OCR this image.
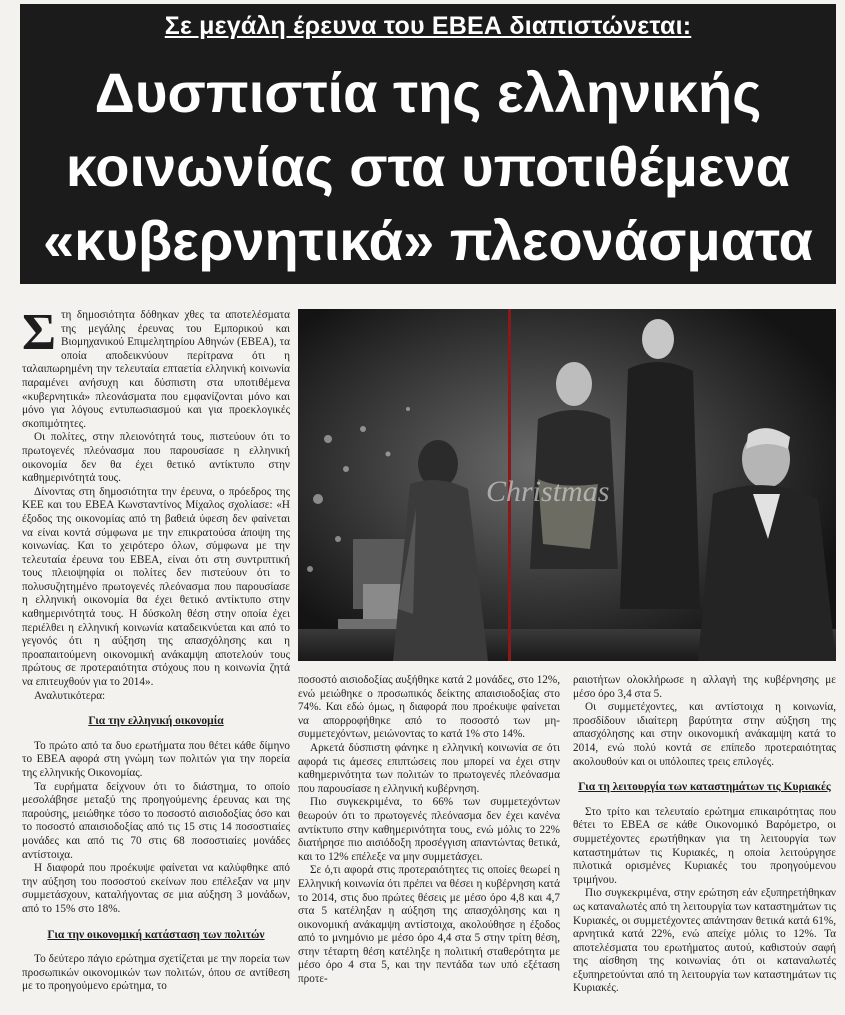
Σε μεγάλη έρευνα του ΕΒΕΑ διαπιστώνεται:
Δυσπιστία της ελληνικής
κοινωνίας στα υποτιθέμενα
«κυβερνητικά» πλεονάσματα
Christmas

Στη δημοσιότητα δόθηκαν χθες τα αποτελέσματα της μεγάλης έρευνας του Εμπορικού και Βιομηχανικού Επιμελητηρίου Αθηνών (ΕΒΕΑ), τα οποία αποδεικνύουν περίτρανα ότι η ταλαιπωρημένη την τελευταία επταετία ελληνική κοινωνία παραμένει ανήσυχη και δύσπιστη στα υποτιθέμενα «κυβερνητικά» πλεονάσματα που εμφανίζονται μόνο και μόνο για λόγους εντυπωσιασμού και για προεκλογικές σκοπιμότητες.

Οι πολίτες, στην πλειονότητά τους, πιστεύουν ότι το πρωτογενές πλεόνασμα που παρουσίασε η ελληνική οικονομία δεν θα έχει θετικό αντίκτυπο στην καθημερινότητά τους.

Δίνοντας στη δημοσιότητα την έρευνα, ο πρόεδρος της ΚΕΕ και του ΕΒΕΑ Κωνσταντίνος Μίχαλος σχολίασε: «Η έξοδος της οικονομίας από τη βαθειά ύφεση δεν φαίνεται να είναι κοντά σύμφωνα με την επικρατούσα άποψη της κοινωνίας. Και το χειρότερο όλων, σύμφωνα με την τελευταία έρευνα του ΕΒΕΑ, είναι ότι στη συντριπτική τους πλειοψηφία οι πολίτες δεν πιστεύουν ότι το πολυσυζητημένο πρωτογενές πλεόνασμα που παρουσίασε η ελληνική οικονομία θα έχει θετικό αντίκτυπο στην καθημερινότητά τους. Η δύσκολη θέση στην οποία έχει περιέλθει η ελληνική κοινωνία καταδεικνύεται και από το γεγονός ότι η αύξηση της απασχόλησης και η προαπαιτούμενη οικονομική ανάκαμψη αποτελούν τους πρώτους σε προτεραιότητα στόχους που η κοινωνία ζητά να επιτευχθούν για το 2014».

Αναλυτικότερα:

Για την ελληνική οικονομία

Το πρώτο από τα δυο ερωτήματα που θέτει κάθε δίμηνο το ΕΒΕΑ αφορά στη γνώμη των πολιτών για την πορεία της ελληνικής Οικονομίας.

Τα ευρήματα δείχνουν ότι το διάστημα, το οποίο μεσολάβησε μεταξύ της προηγούμενης έρευνας και της παρούσης, μειώθηκε τόσο το ποσοστό αισιοδοξίας όσο και το ποσοστό απαισιοδοξίας από τις 15 στις 14 ποσοστιαίες μονάδες και από τις 70 στις 68 ποσοστιαίες μονάδες αντίστοιχα.

Η διαφορά που προέκυψε φαίνεται να καλύφθηκε από την αύξηση του ποσοστού εκείνων που επέλεξαν να μην συμμετάσχουν, καταλήγοντας σε μια αύξηση 3 μονάδων, από το 15% στο 18%.

Για την οικονομική κατάσταση των πολιτών

Το δεύτερο πάγιο ερώτημα σχετίζεται με την πορεία των προσωπικών οικονομικών των πολιτών, όπου σε αντίθεση με το προηγούμενο ερώτημα, το

ποσοστό αισιοδοξίας αυξήθηκε κατά 2 μονάδες, στο 12%, ενώ μειώθηκε ο προσωπικός δείκτης απαισιοδοξίας στο 74%. Και εδώ όμως, η διαφορά που προέκυψε φαίνεται να απορροφήθηκε από το ποσοστό των μη-συμμετεχόντων, μειώνοντας το κατά 1% στο 14%.

Αρκετά δύσπιστη φάνηκε η ελληνική κοινωνία σε ότι αφορά τις άμεσες επιπτώσεις που μπορεί να έχει στην καθημερινότητα των πολιτών το πρωτογενές πλεόνασμα που παρουσίασε η ελληνική κυβέρνηση.

Πιο συγκεκριμένα, το 66% των συμμετεχόντων θεωρούν ότι το πρωτογενές πλεόνασμα δεν έχει κανένα αντίκτυπο στην καθημερινότητα τους, ενώ μόλις το 22% διατήρησε πιο αισιόδοξη προσέγγιση απαντώντας θετικά, και το 12% επέλεξε να μην συμμετάσχει.

Σε ό,τι αφορά στις προτεραιότητες τις οποίες θεωρεί η Ελληνική κοινωνία ότι πρέπει να θέσει η κυβέρνηση κατά το 2014, στις δυο πρώτες θέσεις με μέσο όρο 4,8 και 4,7 στα 5 κατέληξαν η αύξηση της απασχόλησης και η οικονομική ανάκαμψη αντίστοιχα, ακολούθησε η έξοδος από το μνημόνιο με μέσο όρο 4,4 στα 5 στην τρίτη θέση, στην τέταρτη θέση κατέληξε η πολιτική σταθερότητα με μέσο όρο 4 στα 5, και την πεντάδα των υπό εξέταση προτε-

ραιοτήτων ολοκλήρωσε η αλλαγή της κυβέρνησης με μέσο όρο 3,4 στα 5.

Οι συμμετέχοντες, και αντίστοιχα η κοινωνία, προσδίδουν ιδιαίτερη βαρύτητα στην αύξηση της απασχόλησης και στην οικονομική ανάκαμψη κατά το 2014, ενώ πολύ κοντά σε επίπεδο προτεραιότητας ακολουθούν και οι υπόλοιπες τρεις επιλογές.

Για τη λειτουργία των καταστημάτων τις Κυριακές

Στο τρίτο και τελευταίο ερώτημα επικαιρότητας που θέτει το ΕΒΕΑ σε κάθε Οικονομικό Βαρόμετρο, οι συμμετέχοντες ερωτήθηκαν για τη λειτουργία των καταστημάτων τις Κυριακές, η οποία λειτούργησε πιλοτικά ορισμένες Κυριακές του προηγούμενου τριμήνου.

Πιο συγκεκριμένα, στην ερώτηση εάν εξυπηρετήθηκαν ως καταναλωτές από τη λειτουργία των καταστημάτων τις Κυριακές, οι συμμετέχοντες απάντησαν θετικά κατά 61%, αρνητικά κατά 22%, ενώ απείχε μόλις το 12%. Τα αποτελέσματα του ερωτήματος αυτού, καθιστούν σαφή της αίσθηση της κοινωνίας ότι οι καταναλωτές εξυπηρετούνται από τη λειτουργία των καταστημάτων τις Κυριακές.
